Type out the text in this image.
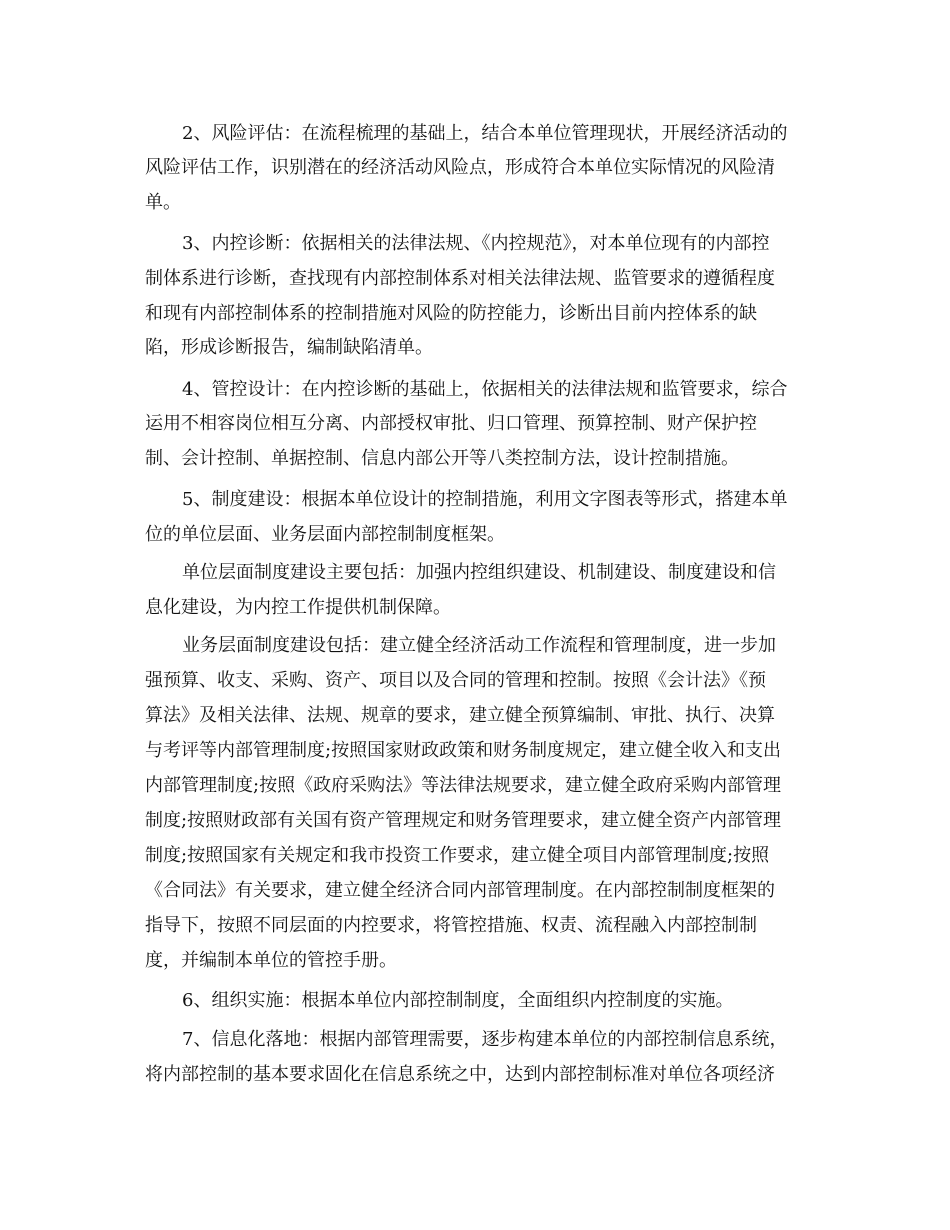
2、风险评估：在流程梳理的基础上，结合本单位管理现状，开展经济活动的
风险评估工作，识别潜在的经济活动风险点，形成符合本单位实际情况的风险清
单。
3、内控诊断：依据相关的法律法规、《内控规范》，对本单位现有的内部控
制体系进行诊断，查找现有内部控制体系对相关法律法规、监管要求的遵循程度
和现有内部控制体系的控制措施对风险的防控能力，诊断出目前内控体系的缺
陷，形成诊断报告，编制缺陷清单。
4、管控设计：在内控诊断的基础上，依据相关的法律法规和监管要求，综合
运用不相容岗位相互分离、内部授权审批、归口管理、预算控制、财产保护控
制、会计控制、单据控制、信息内部公开等八类控制方法，设计控制措施。
5、制度建设：根据本单位设计的控制措施，利用文字图表等形式，搭建本单
位的单位层面、业务层面内部控制制度框架。
单位层面制度建设主要包括：加强内控组织建设、机制建设、制度建设和信
息化建设，为内控工作提供机制保障。
业务层面制度建设包括：建立健全经济活动工作流程和管理制度，进一步加
强预算、收支、采购、资产、项目以及合同的管理和控制。按照《会计法》《预
算法》及相关法律、法规、规章的要求，建立健全预算编制、审批、执行、决算
与考评等内部管理制度;按照国家财政政策和财务制度规定，建立健全收入和支出
内部管理制度;按照《政府采购法》等法律法规要求，建立健全政府采购内部管理
制度;按照财政部有关国有资产管理规定和财务管理要求，建立健全资产内部管理
制度;按照国家有关规定和我市投资工作要求，建立健全项目内部管理制度;按照
《合同法》有关要求，建立健全经济合同内部管理制度。在内部控制制度框架的
指导下，按照不同层面的内控要求，将管控措施、权责、流程融入内部控制制
度，并编制本单位的管控手册。
6、组织实施：根据本单位内部控制制度，全面组织内控制度的实施。
7、信息化落地：根据内部管理需要，逐步构建本单位的内部控制信息系统，
将内部控制的基本要求固化在信息系统之中，达到内部控制标准对单位各项经济
